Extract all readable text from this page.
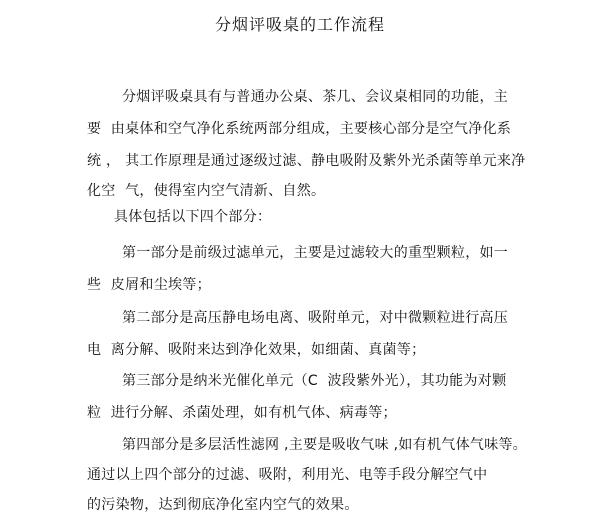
分烟评吸桌的工作流程
分烟评吸桌具有与普通办公桌、茶几、会议桌相同的功能，主
要  由桌体和空气净化系统两部分组成，主要核心部分是空气净化系
统 ， 其工作原理是通过逐级过滤、静电吸附及紫外光杀菌等单元来净
化空  气，使得室内空气清新、自然。
具体包括以下四个部分：
第一部分是前级过滤单元，主要是过滤较大的重型颗粒，如一
些  皮屑和尘埃等；
第二部分是高压静电场电离、吸附单元，对中微颗粒进行高压
电  离分解、吸附来达到净化效果，如细菌、真菌等；
第三部分是纳米光催化单元（C  波段紫外光），其功能为对颗
粒  进行分解、杀菌处理，如有机气体、病毒等；
第四部分是多层活性滤网 ,主要是吸收气味 ,如有机气体气味等。
通过以上四个部分的过滤、吸附，利用光、电等手段分解空气中
的污染物，达到彻底净化室内空气的效果。
